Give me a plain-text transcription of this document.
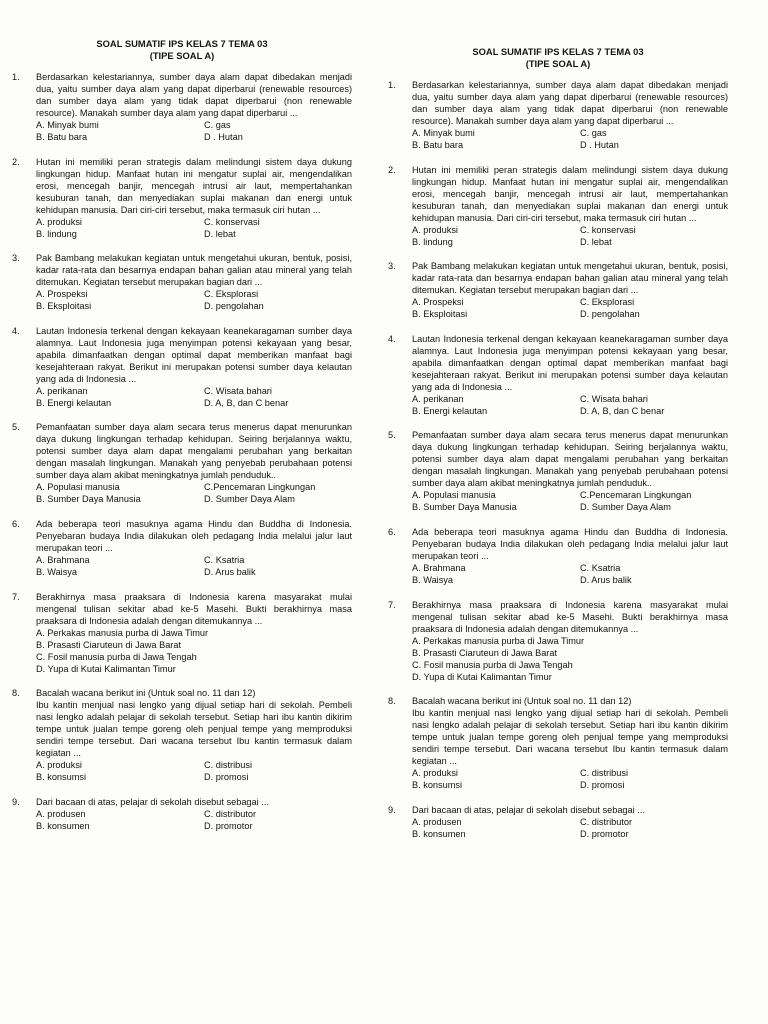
SOAL SUMATIF IPS KELAS 7 TEMA 03
(TIPE SOAL A)
1. Berdasarkan kelestariannya, sumber daya alam dapat dibedakan menjadi dua, yaitu sumber daya alam yang dapat diperbarui (renewable resources) dan sumber daya alam yang tidak dapat diperbarui (non renewable resource). Manakah sumber daya alam yang dapat diperbarui ...
A. Minyak bumi	C. gas
B. Batu bara	D . Hutan
2. Hutan ini memiliki peran strategis dalam melindungi sistem daya dukung lingkungan hidup. Manfaat hutan ini mengatur suplai air, mengendalikan erosi, mencegah banjir, mencegah intrusi air laut, mempertahankan kesuburan tanah, dan menyediakan suplai makanan dan energi untuk kehidupan manusia. Dari ciri-ciri tersebut, maka termasuk ciri hutan ...
A. produksi	C. konservasi
B. lindung	D. lebat
3. Pak Bambang melakukan kegiatan untuk mengetahui ukuran, bentuk, posisi, kadar rata-rata dan besarnya endapan bahan galian atau mineral yang telah ditemukan. Kegiatan tersebut merupakan bagian dari ...
A. Prospeksi	C. Eksplorasi
B. Eksploitasi	D. pengolahan
4. Lautan Indonesia terkenal dengan kekayaan keanekaragaman sumber daya alamnya. Laut Indonesia juga menyimpan potensi kekayaan yang besar, apabila dimanfaatkan dengan optimal dapat memberikan manfaat bagi kesejahteraan rakyat. Berikut ini merupakan potensi sumber daya kelautan yang ada di Indonesia ...
A. perikanan	C. Wisata bahari
B. Energi kelautan	D. A, B, dan C benar
5. Pemanfaatan sumber daya alam secara terus menerus dapat menurunkan daya dukung lingkungan terhadap kehidupan. Seiring berjalannya waktu, potensi sumber daya alam dapat mengalami perubahan yang berkaitan dengan masalah lingkungan. Manakah yang penyebab perubahaan potensi sumber daya alam akibat meningkatnya jumlah penduduk..
A. Populasi manusia	C.Pencemaran Lingkungan
B. Sumber Daya Manusia	D. Sumber Daya Alam
6. Ada beberapa teori masuknya agama Hindu dan Buddha di Indonesia. Penyebaran budaya India dilakukan oleh pedagang India melalui jalur laut merupakan teori ...
A. Brahmana	C. Ksatria
B. Waisya	D. Arus balik
7. Berakhirnya masa praaksara di Indonesia karena masyarakat mulai mengenal tulisan sekitar abad ke-5 Masehi. Bukti berakhirnya masa praaksara di Indonesia adalah dengan ditemukannya ...
A. Perkakas manusia purba di Jawa Timur
B. Prasasti Ciaruteun di Jawa Barat
C. Fosil manusia purba di Jawa Tengah
D. Yupa di Kutai Kalimantan Timur
8. Bacalah wacana berikut ini (Untuk soal no. 11 dan 12)
Ibu kantin menjual nasi lengko yang dijual setiap hari di sekolah. Pembeli nasi lengko adalah pelajar di sekolah tersebut. Setiap hari ibu kantin dikirim tempe untuk jualan tempe goreng oleh penjual tempe yang memproduksi sendiri tempe tersebut. Dari wacana tersebut Ibu kantin termasuk dalam kegiatan ...
A. produksi	C. distribusi
B. konsumsi	D. promosi
9. Dari bacaan di atas, pelajar di sekolah disebut sebagai ...
A. produsen	C. distributor
B. konsumen	D. promotor
SOAL SUMATIF IPS KELAS 7 TEMA 03
(TIPE SOAL A)
1. Berdasarkan kelestariannya, sumber daya alam dapat dibedakan menjadi dua, yaitu sumber daya alam yang dapat diperbarui (renewable resources) dan sumber daya alam yang tidak dapat diperbarui (non renewable resource). Manakah sumber daya alam yang dapat diperbarui ...
A. Minyak bumi	C. gas
B. Batu bara	D . Hutan
2. Hutan ini memiliki peran strategis dalam melindungi sistem daya dukung lingkungan hidup. Manfaat hutan ini mengatur suplai air, mengendalikan erosi, mencegah banjir, mencegah intrusi air laut, mempertahankan kesuburan tanah, dan menyediakan suplai makanan dan energi untuk kehidupan manusia. Dari ciri-ciri tersebut, maka termasuk ciri hutan ...
A. produksi	C. konservasi
B. lindung	D. lebat
3. Pak Bambang melakukan kegiatan untuk mengetahui ukuran, bentuk, posisi, kadar rata-rata dan besarnya endapan bahan galian atau mineral yang telah ditemukan. Kegiatan tersebut merupakan bagian dari ...
A. Prospeksi	C. Eksplorasi
B. Eksploitasi	D. pengolahan
4. Lautan Indonesia terkenal dengan kekayaan keanekaragaman sumber daya alamnya. Laut Indonesia juga menyimpan potensi kekayaan yang besar, apabila dimanfaatkan dengan optimal dapat memberikan manfaat bagi kesejahteraan rakyat. Berikut ini merupakan potensi sumber daya kelautan yang ada di Indonesia ...
A. perikanan	C. Wisata bahari
B. Energi kelautan	D. A, B, dan C benar
5. Pemanfaatan sumber daya alam secara terus menerus dapat menurunkan daya dukung lingkungan terhadap kehidupan. Seiring berjalannya waktu, potensi sumber daya alam dapat mengalami perubahan yang berkaitan dengan masalah lingkungan. Manakah yang penyebab perubahaan potensi sumber daya alam akibat meningkatnya jumlah penduduk..
A. Populasi manusia	C.Pencemaran Lingkungan
B. Sumber Daya Manusia	D. Sumber Daya Alam
6. Ada beberapa teori masuknya agama Hindu dan Buddha di Indonesia. Penyebaran budaya India dilakukan oleh pedagang India melalui jalur laut merupakan teori ...
A. Brahmana	C. Ksatria
B. Waisya	D. Arus balik
7. Berakhirnya masa praaksara di Indonesia karena masyarakat mulai mengenal tulisan sekitar abad ke-5 Masehi. Bukti berakhirnya masa praaksara di Indonesia adalah dengan ditemukannya ...
A. Perkakas manusia purba di Jawa Timur
B. Prasasti Ciaruteun di Jawa Barat
C. Fosil manusia purba di Jawa Tengah
D. Yupa di Kutai Kalimantan Timur
8. Bacalah wacana berikut ini (Untuk soal no. 11 dan 12)
Ibu kantin menjual nasi lengko yang dijual setiap hari di sekolah. Pembeli nasi lengko adalah pelajar di sekolah tersebut. Setiap hari ibu kantin dikirim tempe untuk jualan tempe goreng oleh penjual tempe yang memproduksi sendiri tempe tersebut. Dari wacana tersebut Ibu kantin termasuk dalam kegiatan ...
A. produksi	C. distribusi
B. konsumsi	D. promosi
9. Dari bacaan di atas, pelajar di sekolah disebut sebagai ...
A. produsen	C. distributor
B. konsumen	D. promotor
